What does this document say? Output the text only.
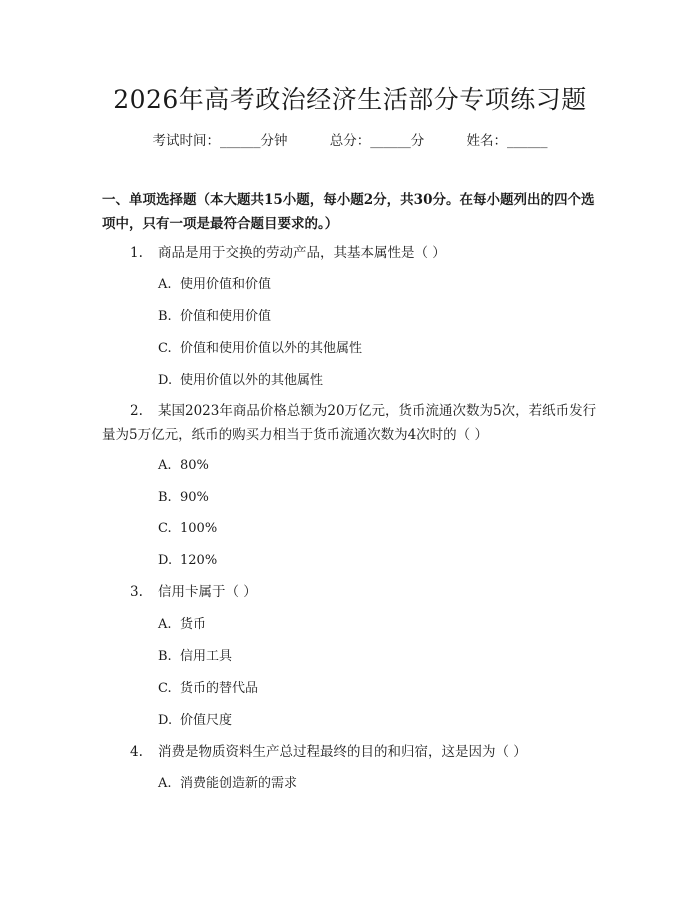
2026年高考政治经济生活部分专项练习题
考试时间：______分钟	总分：______分	姓名：______
一、单项选择题（本大题共15小题，每小题2分，共30分。在每小题列出的四个选项中，只有一项是最符合题目要求的。）
1. 商品是用于交换的劳动产品，其基本属性是（ ）
A. 使用价值和价值
B. 价值和使用价值
C. 价值和使用价值以外的其他属性
D. 使用价值以外的其他属性
2. 某国2023年商品价格总额为20万亿元，货币流通次数为5次，若纸币发行量为5万亿元，纸币的购买力相当于货币流通次数为4次时的（ ）
A. 80%
B. 90%
C. 100%
D. 120%
3. 信用卡属于（ ）
A. 货币
B. 信用工具
C. 货币的替代品
D. 价值尺度
4. 消费是物质资料生产总过程最终的目的和归宿，这是因为（ ）
A. 消费能创造新的需求
